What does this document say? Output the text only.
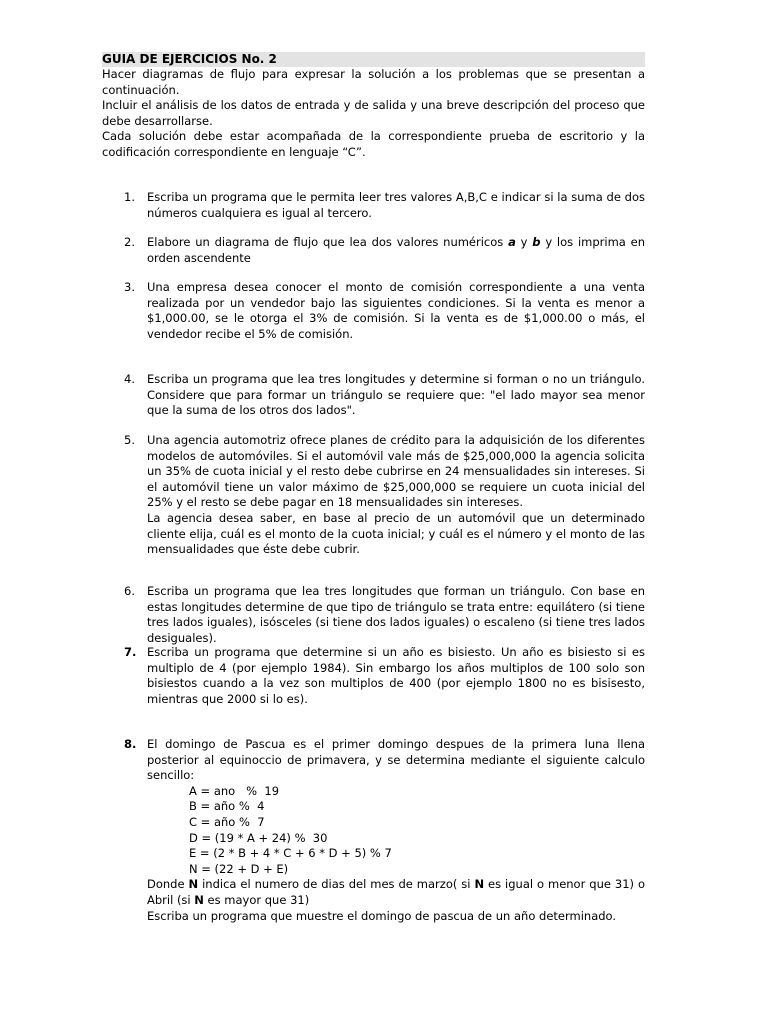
GUIA DE EJERCICIOS No. 2

Hacer diagramas de flujo para expresar la solución a los problemas que se presentan a continuación.

Incluir el análisis de los datos de entrada y de salida y una breve descripción del proceso que debe desarrollarse.

Cada solución debe estar acompañada de la correspondiente prueba de escritorio y la codificación correspondiente en lenguaje “C”.

1. Escriba un programa que le permita leer tres valores A,B,C e indicar si la suma de dos números cualquiera es igual al tercero.

2. Elabore un diagrama de flujo que lea dos valores numéricos a y b y los imprima en orden ascendente

3. Una empresa desea conocer el monto de comisión correspondiente a una venta realizada por un vendedor bajo las siguientes condiciones. Si la venta es menor a $1,000.00, se le otorga el 3% de comisión. Si la venta es de $1,000.00 o más, el vendedor recibe el 5% de comisión.

4. Escriba un programa que lea tres longitudes y determine si forman o no un triángulo. Considere que para formar un triángulo se requiere que: "el lado mayor sea menor que la suma de los otros dos lados".

5. Una agencia automotriz ofrece planes de crédito para la adquisición de los diferentes modelos de automóviles. Si el automóvil vale más de $25,000,000 la agencia solicita un 35% de cuota inicial y el resto debe cubrirse en 24 mensualidades sin intereses. Si el automóvil tiene un valor máximo de $25,000,000 se requiere un cuota inicial del 25% y el resto se debe pagar en 18 mensualidades sin intereses.

La agencia desea saber, en base al precio de un automóvil que un determinado cliente elija, cuál es el monto de la cuota inicial; y cuál es el número y el monto de las mensualidades que éste debe cubrir.

6. Escriba un programa que lea tres longitudes que forman un triángulo. Con base en estas longitudes determine de que tipo de triángulo se trata entre: equilátero (si tiene tres lados iguales), isósceles (si tiene dos lados iguales) o escaleno (si tiene tres lados desiguales).

7. Escriba un programa que determine si un año es bisiesto. Un año es bisiesto si es multiplo de 4 (por ejemplo 1984). Sin embargo los años multiplos de 100 solo son bisiestos cuando a la vez son multiplos de 400 (por ejemplo 1800 no es bisisesto, mientras que 2000 si lo es).

8. El domingo de Pascua es el primer domingo despues de la primera luna llena posterior al equinoccio de primavera, y se determina mediante el siguiente calculo sencillo:

A = ano   %  19
B = año %  4
C = año %  7
D = (19 * A + 24) %  30
E = (2 * B + 4 * C + 6 * D + 5) % 7
N = (22 + D + E)

Donde N indica el numero de dias del mes de marzo( si N es igual o menor que 31) o Abril (si N es mayor que 31)

Escriba un programa que muestre el domingo de pascua de un año determinado.
